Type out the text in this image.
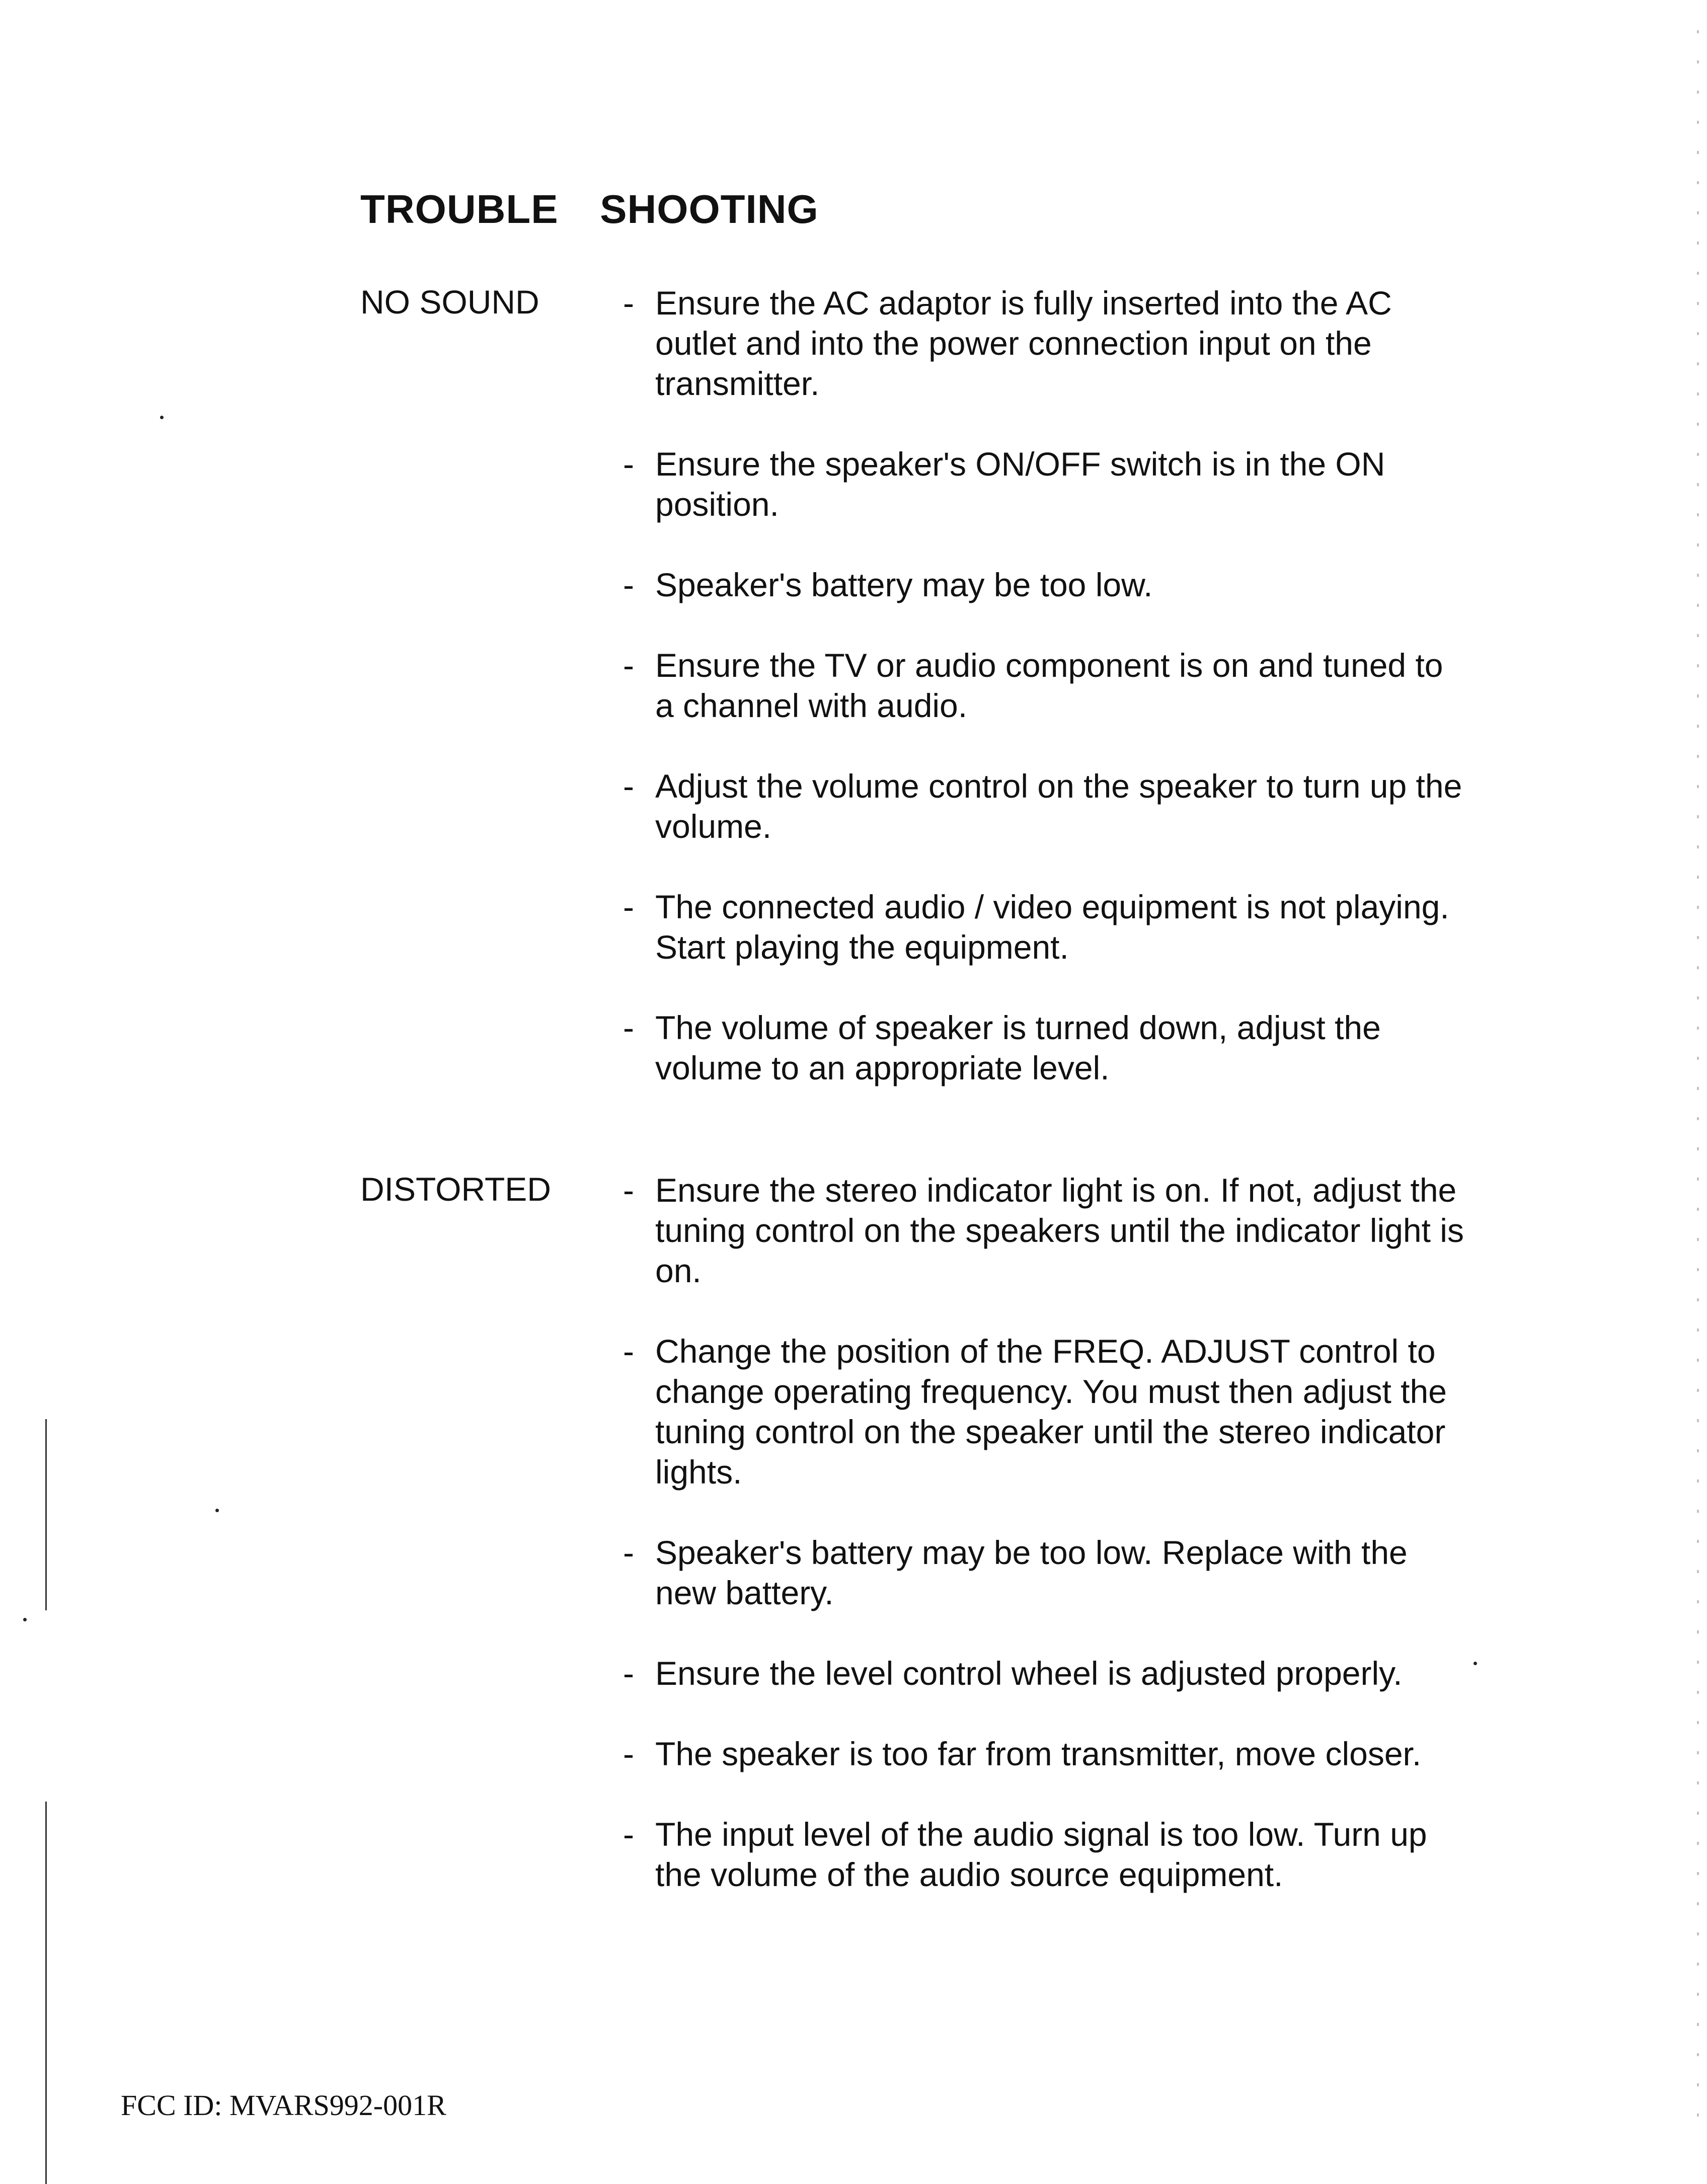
TROUBLE  SHOOTING
NO SOUND	- Ensure the AC adaptor is fully inserted into the AC outlet and into the power connection input on the transmitter.
- Ensure the speaker's ON/OFF switch is in the ON position.
- Speaker's battery may be too low.
- Ensure the TV or audio component is on and tuned to a channel with audio.
- Adjust the volume control on the speaker to turn up the volume.
- The connected audio / video equipment is not playing. Start playing the equipment.
- The volume of speaker is turned down, adjust the volume to an appropriate level.
DISTORTED	- Ensure the stereo indicator light is on. If not, adjust the tuning control on the speakers until the indicator light is on.
- Change the position of the FREQ. ADJUST control to change operating frequency. You must then adjust the tuning control on the speaker until the stereo indicator lights.
- Speaker's battery may be too low. Replace with the new battery.
- Ensure the level control wheel is adjusted properly.
- The speaker is too far from transmitter, move closer.
- The input level of the audio signal is too low. Turn up the volume of the audio source equipment.
FCC ID: MVARS992-001R
